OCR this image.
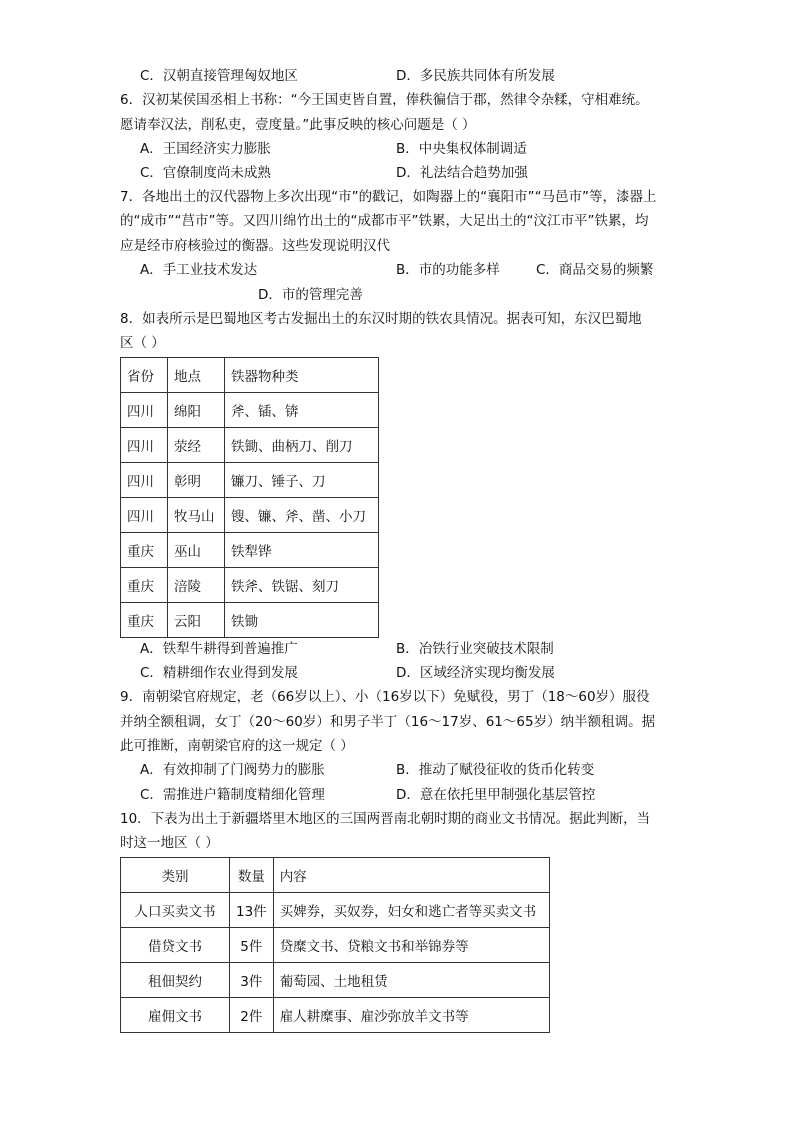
C．汉朝直接管理匈奴地区	D．多民族共同体有所发展
6．汉初某侯国丞相上书称：“今王国吏皆自置，俸秩徧信于郡，然律令杂糅，守相难统。
愿请奉汉法，削私吏，壹度量。”此事反映的核心问题是（ ）
A．王国经济实力膨胀	B．中央集权体制调适
C．官僚制度尚未成熟	D．礼法结合趋势加强
7．各地出土的汉代器物上多次出现“市”的戳记，如陶器上的“襄阳市”“马邑市”等，漆器上
的“成市”“莒市”等。又四川绵竹出土的“成都市平”铁累，大足出土的“汶江市平”铁累，均
应是经市府核验过的衡器。这些发现说明汉代
A．手工业技术发达	B．市的功能多样	C．商品交易的频繁
D．市的管理完善
8．如表所示是巴蜀地区考古发掘出土的东汉时期的铁农具情况。据表可知，东汉巴蜀地
区（ ）
省份	地点	铁器物种类
四川	绵阳	斧、锸、锛
四川	荥经	铁锄、曲柄刀、削刀
四川	彰明	镰刀、锤子、刀
四川	牧马山	锼、镰、斧、凿、小刀
重庆	巫山	铁犁铧
重庆	涪陵	铁斧、铁锯、刻刀
重庆	云阳	铁锄
A．铁犁牛耕得到普遍推广	B．冶铁行业突破技术限制
C．精耕细作农业得到发展	D．区域经济实现均衡发展
9．南朝梁官府规定，老（66岁以上）、小（16岁以下）免赋役，男丁（18～60岁）服役
并纳全额租调，女丁（20～60岁）和男子半丁（16～17岁、61～65岁）纳半额租调。据
此可推断，南朝梁官府的这一规定（ ）
A．有效抑制了门阀势力的膨胀	B．推动了赋役征收的货币化转变
C．需推进户籍制度精细化管理	D．意在依托里甲制强化基层管控
10．下表为出土于新疆塔里木地区的三国两晋南北朝时期的商业文书情况。据此判断，当
时这一地区（ ）
类别	数量	内容
人口买卖文书	13件	买婢券，买奴券，妇女和逃亡者等买卖文书
借贷文书	5件	贷糜文书、贷粮文书和举锦券等
租佃契约	3件	葡萄园、土地租赁
雇佣文书	2件	雇人耕糜事、雇沙弥放羊文书等
